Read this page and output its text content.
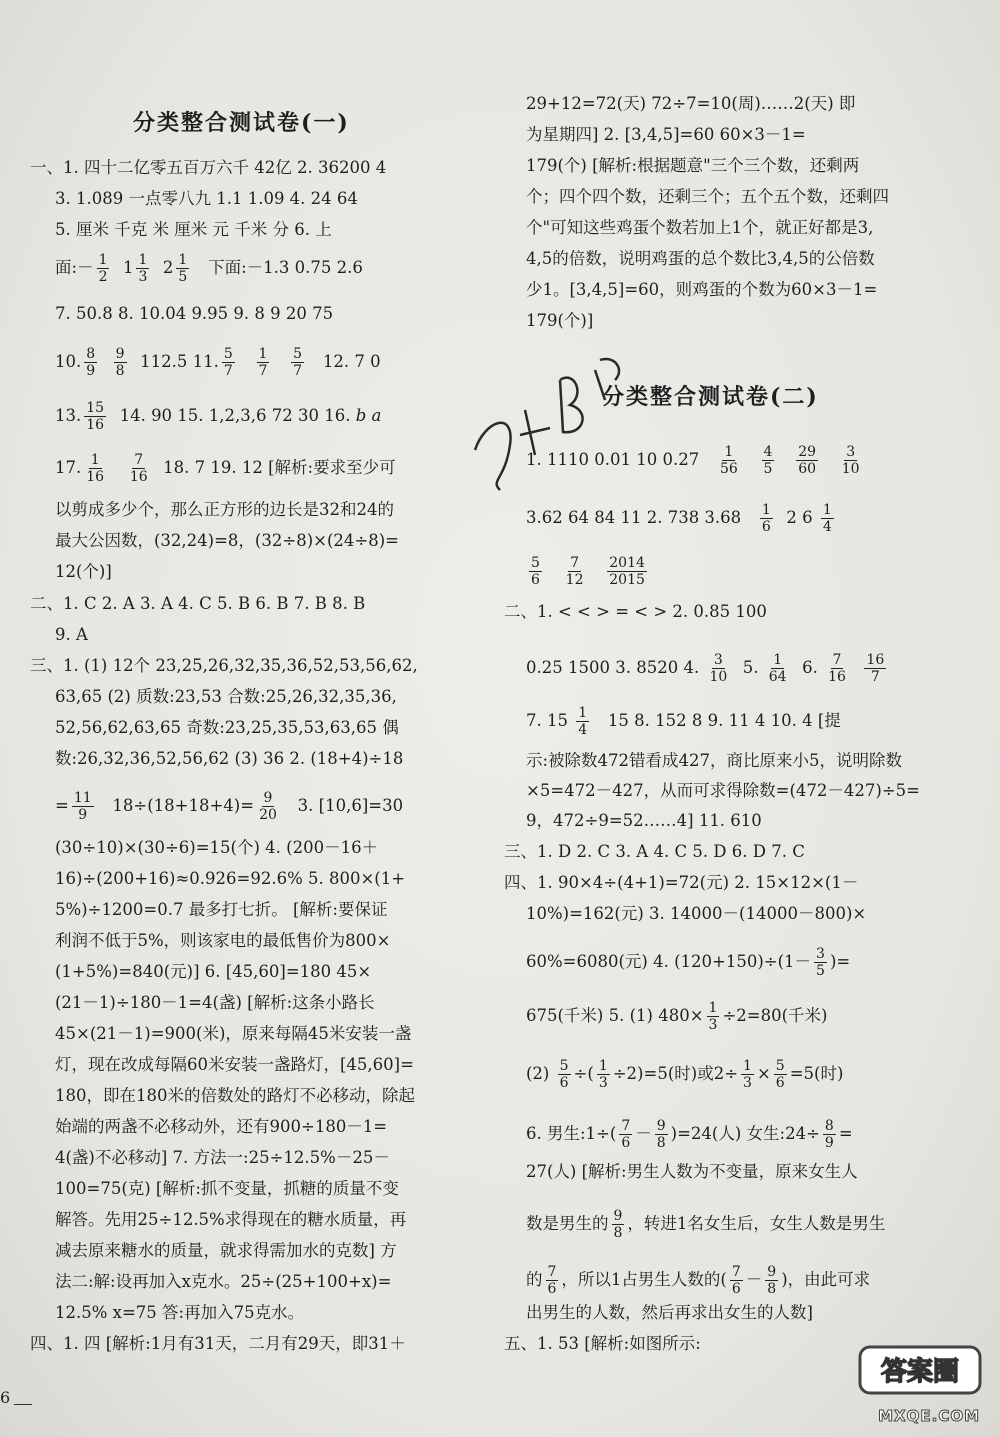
分类整合测试卷(一)
一、1. 四十二亿零五百万六千 42亿 2. 36200 4
3. 1.089 一点零八九 1.1 1.09 4. 24 64
5. 厘米 千克 米 厘米 元 千米 分 6. 上
面:－ $\frac{1}{2} 1 \frac{1}{3} 2 \frac{1}{5}$ 下面:－1.3 0.75 2.6
7. 50.8 8. 10.04 9.95 9. 8 9 20 75
10. $\frac{8}{9}$
$\frac{9}{8} 112.5$ 11. $\frac{5}{7}$
$\frac{1}{7}$
$\frac{5}{7} 12$. 7 0
13. $\frac{15}{16} 14$. 90 15. 1,2,3,6 72 30 16. b a
17. $\frac{1}{16}$
$\frac{7}{16} 18$. 7 19. 12 [解析:要求至少可
以剪成多少个，那么正方形的边长是32和24的
最大公因数，(32,24)=8，(32÷8)×(24÷8)=
12(个)]
二、1. C 2. A 3. A 4. C 5. B 6. B 7. B 8. B
9. A
三、1. (1) 12个 23,25,26,32,35,36,52,53,56,62,
63,65 (2) 质数:23,53 合数:25,26,32,35,36,
52,56,62,63,65 奇数:23,25,35,53,63,65 偶
数:26,32,36,52,56,62 (3) 36 2. (18+4)÷18
= $\frac{11}{9} 18\div(18+18+4)= \frac{9}{20} 3$. [10,6]=30
(30÷10)×(30÷6)=15(个) 4. (200－16＋
16)÷(200+16)≈0.926=92.6% 5. 800×(1+
5%)÷1200=0.7 最多打七折。 [解析:要保证
利润不低于5%，则该家电的最低售价为800×
(1+5%)=840(元)] 6. [45,60]=180 45×
(21－1)÷180－1=4(盏) [解析:这条小路长
45×(21－1)=900(米)，原来每隔45米安装一盏
灯，现在改成每隔60米安装一盏路灯，[45,60]=
180，即在180米的倍数处的路灯不必移动，除起
始端的两盏不必移动外，还有900÷180－1=
4(盏)不必移动] 7. 方法一:25÷12.5%－25－
100=75(克) [解析:抓不变量，抓糖的质量不变
解答。先用25÷12.5%求得现在的糖水质量，再
减去原来糖水的质量，就求得需加水的克数] 方
法二:解:设再加入x克水。25÷(25+100+x)=
12.5% x=75 答:再加入75克水。
四、1. 四 [解析:1月有31天，二月有29天，即31＋
6
29+12=72(天) 72÷7=10(周)……2(天) 即
为星期四] 2. [3,4,5]=60 60×3－1=
179(个) [解析:根据题意"三个三个数，还剩两
个；四个四个数，还剩三个；五个五个数，还剩四
个"可知这些鸡蛋个数若加上1个，就正好都是3,
4,5的倍数，说明鸡蛋的总个数比3,4,5的公倍数
少1。[3,4,5]=60，则鸡蛋的个数为60×3－1=
179(个)]
分类整合测试卷(二)
1. 1110 0.01 10 $0.27 \frac{1}{56}$
$\frac{4}{5}$
$\frac{29}{60}$
$\frac{3}{10}$
3.62 64 84 11 2. 738 $3.68 \frac{1}{6} 2$ $6 \frac{1}{4}$
$\frac{5}{6}$
$\frac{7}{12}$
$\frac{2014}{2015}$
二、1. < < > = < > 2. 0.85 100
0.25 1500 3. 8520 4. $\frac{3}{10} 5$. $\frac{1}{64} 6$. $\frac{7}{16}$
$\frac{16}{7}$
7. $15 \frac{1}{4} 15$ 8. 152 8 9. 11 4 10. 4 [提
示:被除数472错看成427，商比原来小5，说明除数
×5=472－427，从而可求得除数=(472－427)÷5=
9，472÷9=52……4] 11. 610
三、1. D 2. C 3. A 4. C 5. D 6. D 7. C
四、1. 90×4÷(4+1)=72(元) 2. 15×12×(1－
10%)=162(元) 3. 14000－(14000－800)×
60%=6080(元) 4. $(120+150)\div(1- \frac{3}{5}$ )=
675(千米) 5. (1) $480\times \frac{1}{3} \div 2=80$(千米)
$(2) \frac{5}{6}$ ÷( $\frac{1}{3} \div 2)=5$(时)或$2\div \frac{1}{3} \times \frac{5}{6} =5$(时)
6. 男生:1÷( $\frac{7}{6} - \frac{9}{8} )=24$(人) 女生:24÷ $\frac{8}{9}$ =
27(人) [解析:男生人数为不变量，原来女生人
数是男生的 $\frac{9}{8}$ ，转进1名女生后，女生人数是男生
的 $\frac{7}{6}$ ，所以1占男生人数的( $\frac{7}{6} - \frac{9}{8}$ )，由此可求
出男生的人数，然后再求出女生的人数]
五、1. 53 [解析:如图所示:
答案圈
MXQE.COM
